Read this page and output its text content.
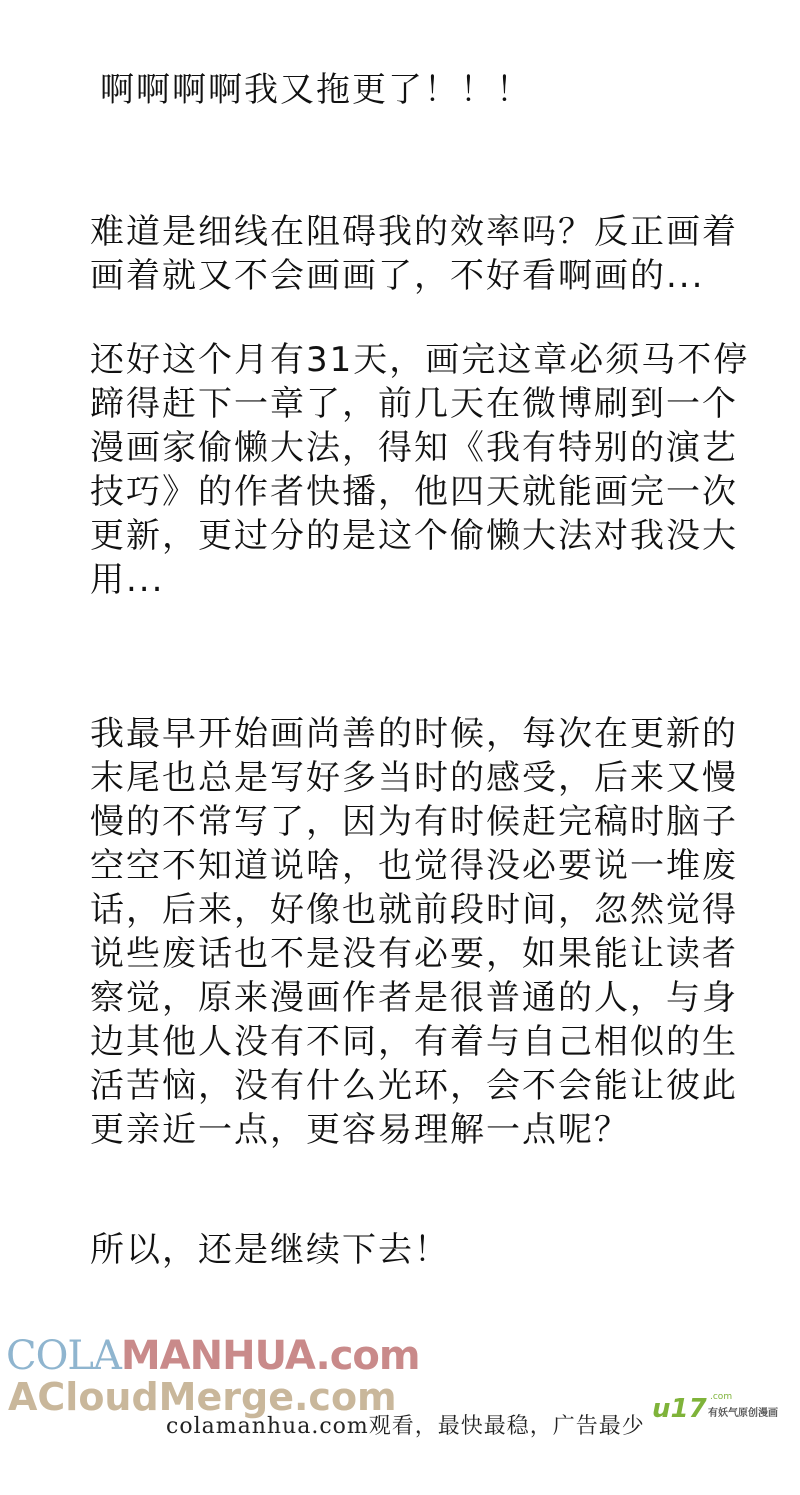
啊啊啊啊我又拖更了！！！
难道是细线在阻碍我的效率吗？反正画着
画着就又不会画画了，不好看啊画的...
还好这个月有31天，画完这章必须马不停
蹄得赶下一章了，前几天在微博刷到一个
漫画家偷懒大法，得知《我有特别的演艺
技巧》的作者快播，他四天就能画完一次
更新，更过分的是这个偷懒大法对我没大
用...
我最早开始画尚善的时候，每次在更新的
末尾也总是写好多当时的感受，后来又慢
慢的不常写了，因为有时候赶完稿时脑子
空空不知道说啥，也觉得没必要说一堆废
话，后来，好像也就前段时间，忽然觉得
说些废话也不是没有必要，如果能让读者
察觉，原来漫画作者是很普通的人，与身
边其他人没有不同，有着与自己相似的生
活苦恼，没有什么光环，会不会能让彼此
更亲近一点，更容易理解一点呢？
所以，还是继续下去！
COLAMANHUA.com
ACloudMerge.com
colamanhua.com观看，最快最稳，广告最少
u17 .com
有妖气原创漫画
